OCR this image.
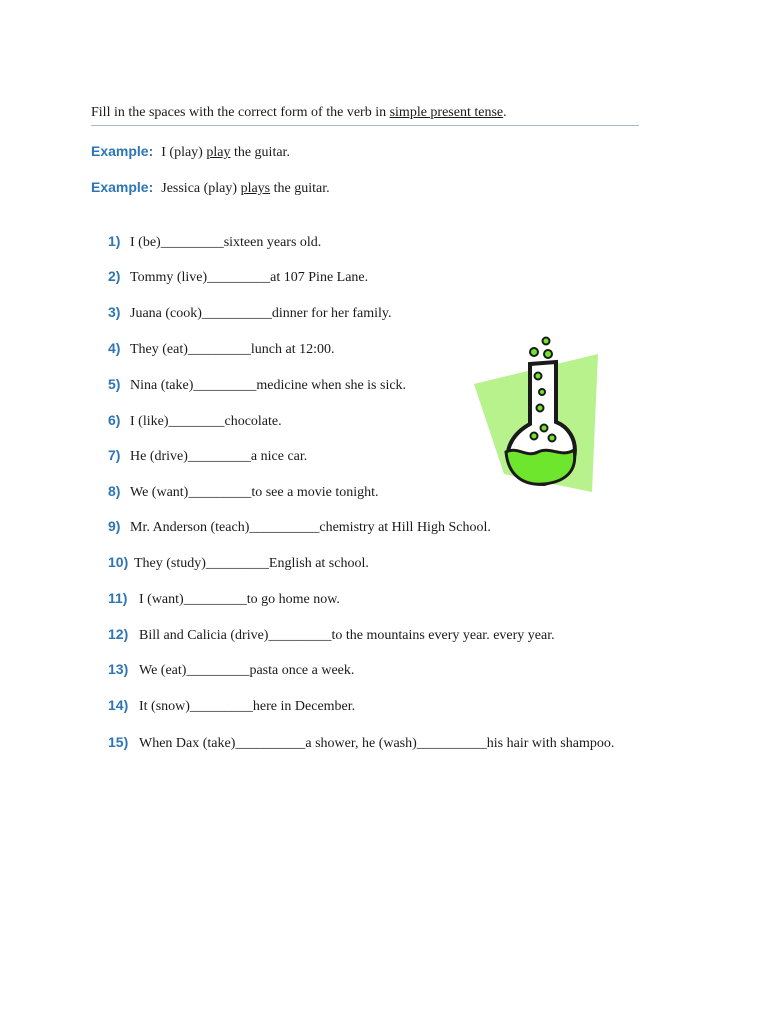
Fill in the spaces with the correct form of the verb in simple present tense.
Example: I (play) play the guitar.
Example: Jessica (play) plays the guitar.
1) I (be)_________sixteen years old.
2) Tommy (live)_________at 107 Pine Lane.
3) Juana (cook)__________dinner for her family.
4) They (eat)_________lunch at 12:00.
5) Nina (take)_________medicine when she is sick.
6) I (like)________chocolate.
7) He (drive)_________a nice car.
8) We (want)_________to see a movie tonight.
9) Mr. Anderson (teach)__________chemistry at Hill High School.
10) They (study)_________English at school.
11) I (want)_________to go home now.
12) Bill and Calicia (drive)_________to the mountains every year. every year.
13) We (eat)_________pasta once a week.
14) It (snow)_________here in December.
15) When Dax (take)__________a shower, he (wash)__________his hair with shampoo.
